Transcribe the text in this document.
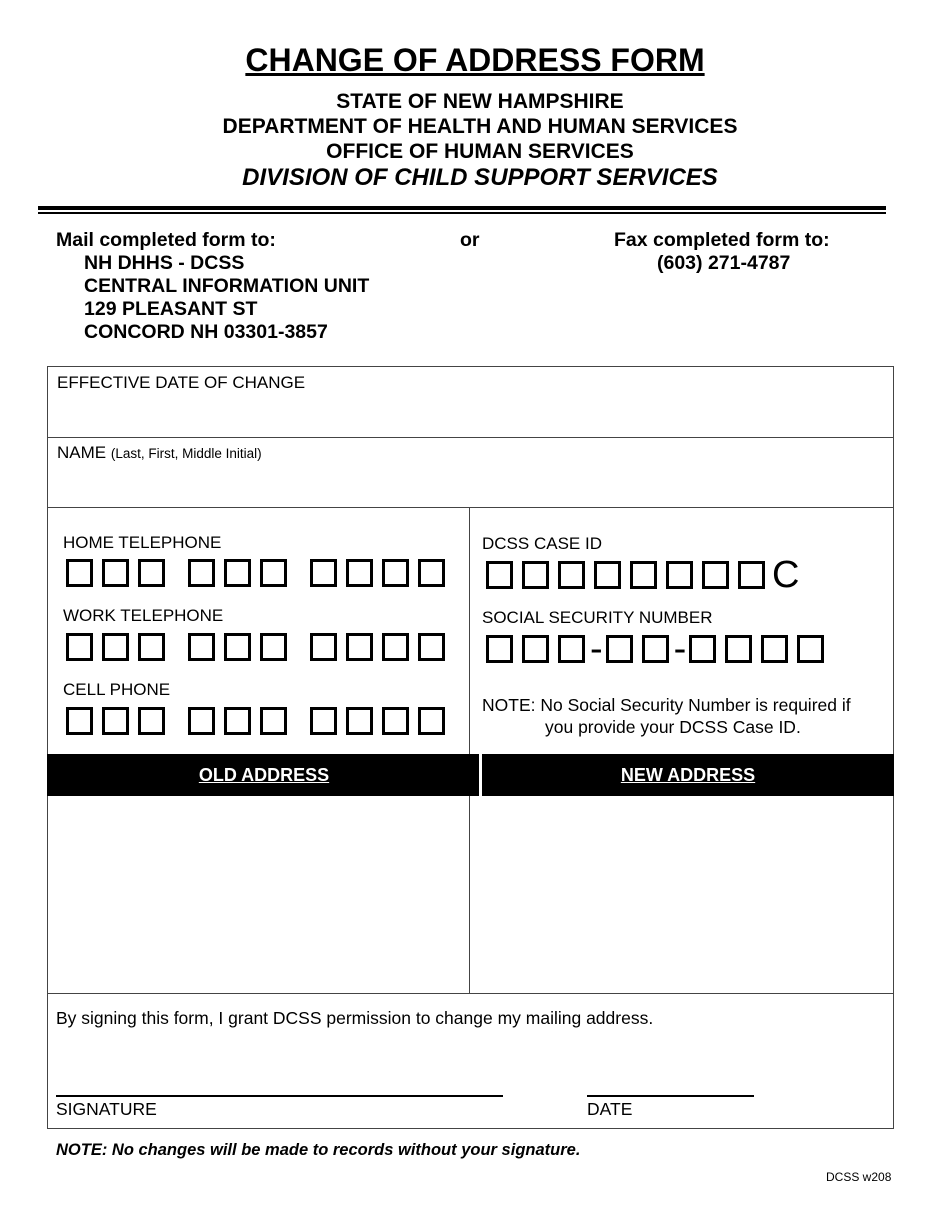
CHANGE OF ADDRESS FORM
STATE OF NEW HAMPSHIRE
DEPARTMENT OF HEALTH AND HUMAN SERVICES
OFFICE OF HUMAN SERVICES
DIVISION OF CHILD SUPPORT SERVICES
Mail completed form to:
NH DHHS - DCSS
CENTRAL INFORMATION UNIT
129 PLEASANT ST
CONCORD NH 03301-3857
or	Fax completed form to:
(603) 271-4787
EFFECTIVE DATE OF CHANGE
NAME (Last, First, Middle Initial)
HOME TELEPHONE
WORK TELEPHONE
CELL PHONE
DCSS CASE ID
C
SOCIAL SECURITY NUMBER
- -
NOTE: No Social Security Number is required if
you provide your DCSS Case ID.
OLD ADDRESS	NEW ADDRESS
By signing this form, I grant DCSS permission to change my mailing address.
SIGNATURE	DATE
NOTE: No changes will be made to records without your signature.
DCSS w208
